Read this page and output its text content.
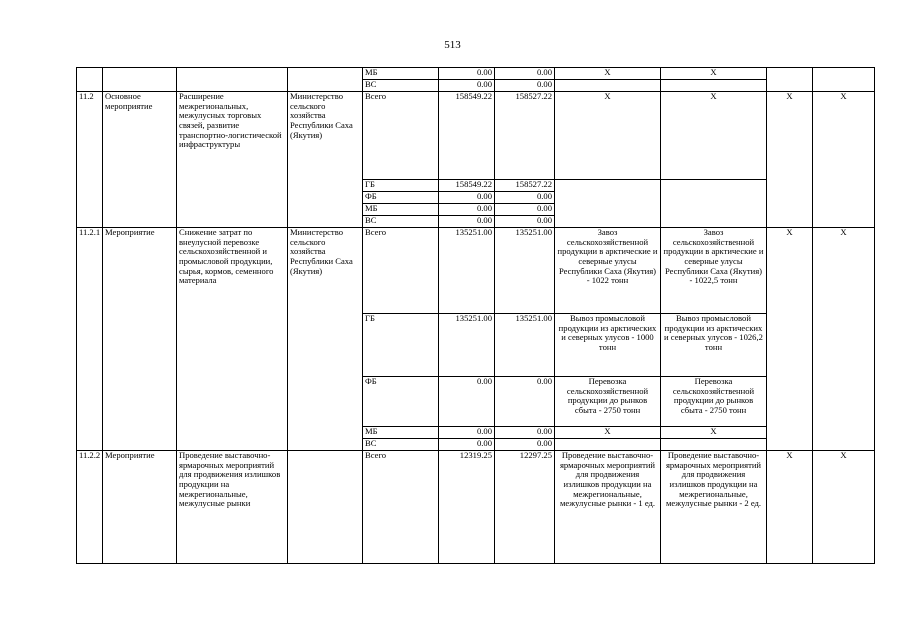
513
				МБ	0.00	0.00	X	X		
				ВС	0.00	0.00				
11.2	Основное мероприятие	Расширение межрегиональных, межулусных торговых связей, развитие транспортно-логистической инфраструктуры	Министерство сельского хозяйства Республики Саха (Якутия)	Всего	158549.22	158527.22	X	X	X	X
				ГБ	158549.22	158527.22				
				ФБ	0.00	0.00				
				МБ	0.00	0.00				
				ВС	0.00	0.00				
11.2.1	Мероприятие	Снижение затрат по внеулусной перевозке сельскохозяйственной и промысловой продукции, сырья, кормов, семенного материала	Министерство сельского хозяйства Республики Саха (Якутия)	Всего	135251.00	135251.00	Завоз сельскохозяйственной продукции в арктические и северные улусы Республики Саха (Якутия) - 1022 тонн	Завоз сельскохозяйственной продукции в арктические и северные улусы Республики Саха (Якутия) - 1022,5 тонн	X	X
				ГБ	135251.00	135251.00	Вывоз промысловой продукции из арктических и северных улусов - 1000 тонн	Вывоз промысловой продукции из арктических и северных улусов - 1026,2 тонн		
				ФБ	0.00	0.00	Перевозка сельскохозяйственной продукции до рынков сбыта - 2750 тонн	Перевозка сельскохозяйственной продукции до рынков сбыта - 2750 тонн		
				МБ	0.00	0.00	X	X		
				ВС	0.00	0.00				
11.2.2	Мероприятие	Проведение выставочно-ярмарочных мероприятий для продвижения излишков продукции на межрегиональные, межулусные рынки		Всего	12319.25	12297.25	Проведение выставочно-ярмарочных мероприятий для продвижения излишков продукции на межрегиональные, межулусные рынки - 1 ед.	Проведение выставочно-ярмарочных мероприятий для продвижения излишков продукции на межрегиональные, межулусные рынки - 2 ед.	X	X
